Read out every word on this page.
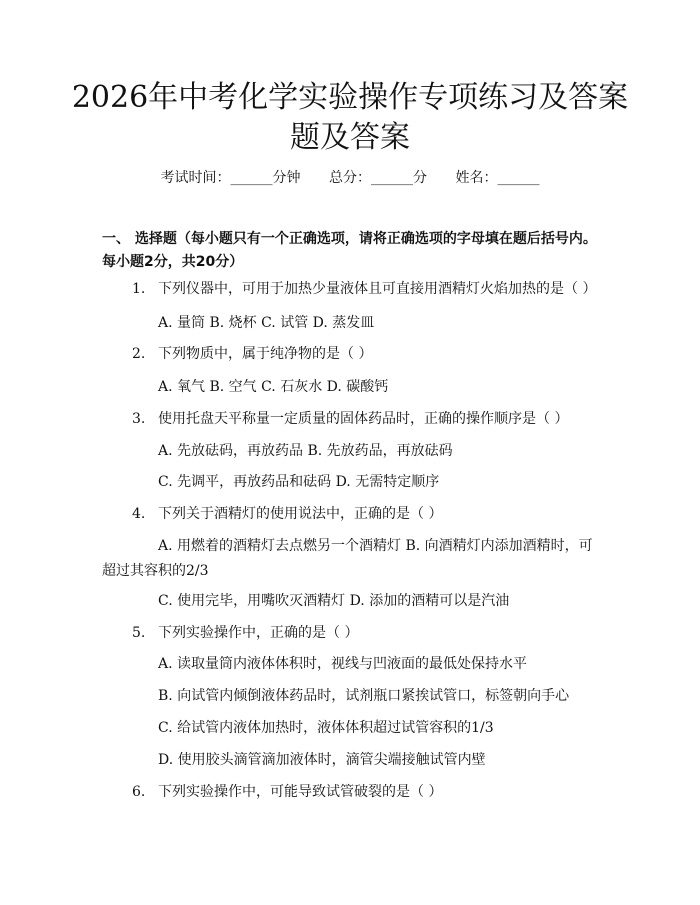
2026年中考化学实验操作专项练习及答案题及答案
考试时间：______分钟 总分：______分 姓名：______
一、 选择题（每小题只有一个正确选项，请将正确选项的字母填在题后括号内。每小题2分，共20分）
1. 下列仪器中，可用于加热少量液体且可直接用酒精灯火焰加热的是（ ）
A. 量筒 B. 烧杯 C. 试管 D. 蒸发皿
2. 下列物质中，属于纯净物的是（ ）
A. 氧气 B. 空气 C. 石灰水 D. 碳酸钙
3. 使用托盘天平称量一定质量的固体药品时，正确的操作顺序是（ ）
A. 先放砝码，再放药品 B. 先放药品，再放砝码
C. 先调平，再放药品和砝码 D. 无需特定顺序
4. 下列关于酒精灯的使用说法中，正确的是（ ）
A. 用燃着的酒精灯去点燃另一个酒精灯 B. 向酒精灯内添加酒精时，可超过其容积的2/3
C. 使用完毕，用嘴吹灭酒精灯 D. 添加的酒精可以是汽油
5. 下列实验操作中，正确的是（ ）
A. 读取量筒内液体体积时，视线与凹液面的最低处保持水平
B. 向试管内倾倒液体药品时，试剂瓶口紧挨试管口，标签朝向手心
C. 给试管内液体加热时，液体体积超过试管容积的1/3
D. 使用胶头滴管滴加液体时，滴管尖端接触试管内壁
6. 下列实验操作中，可能导致试管破裂的是（ ）
